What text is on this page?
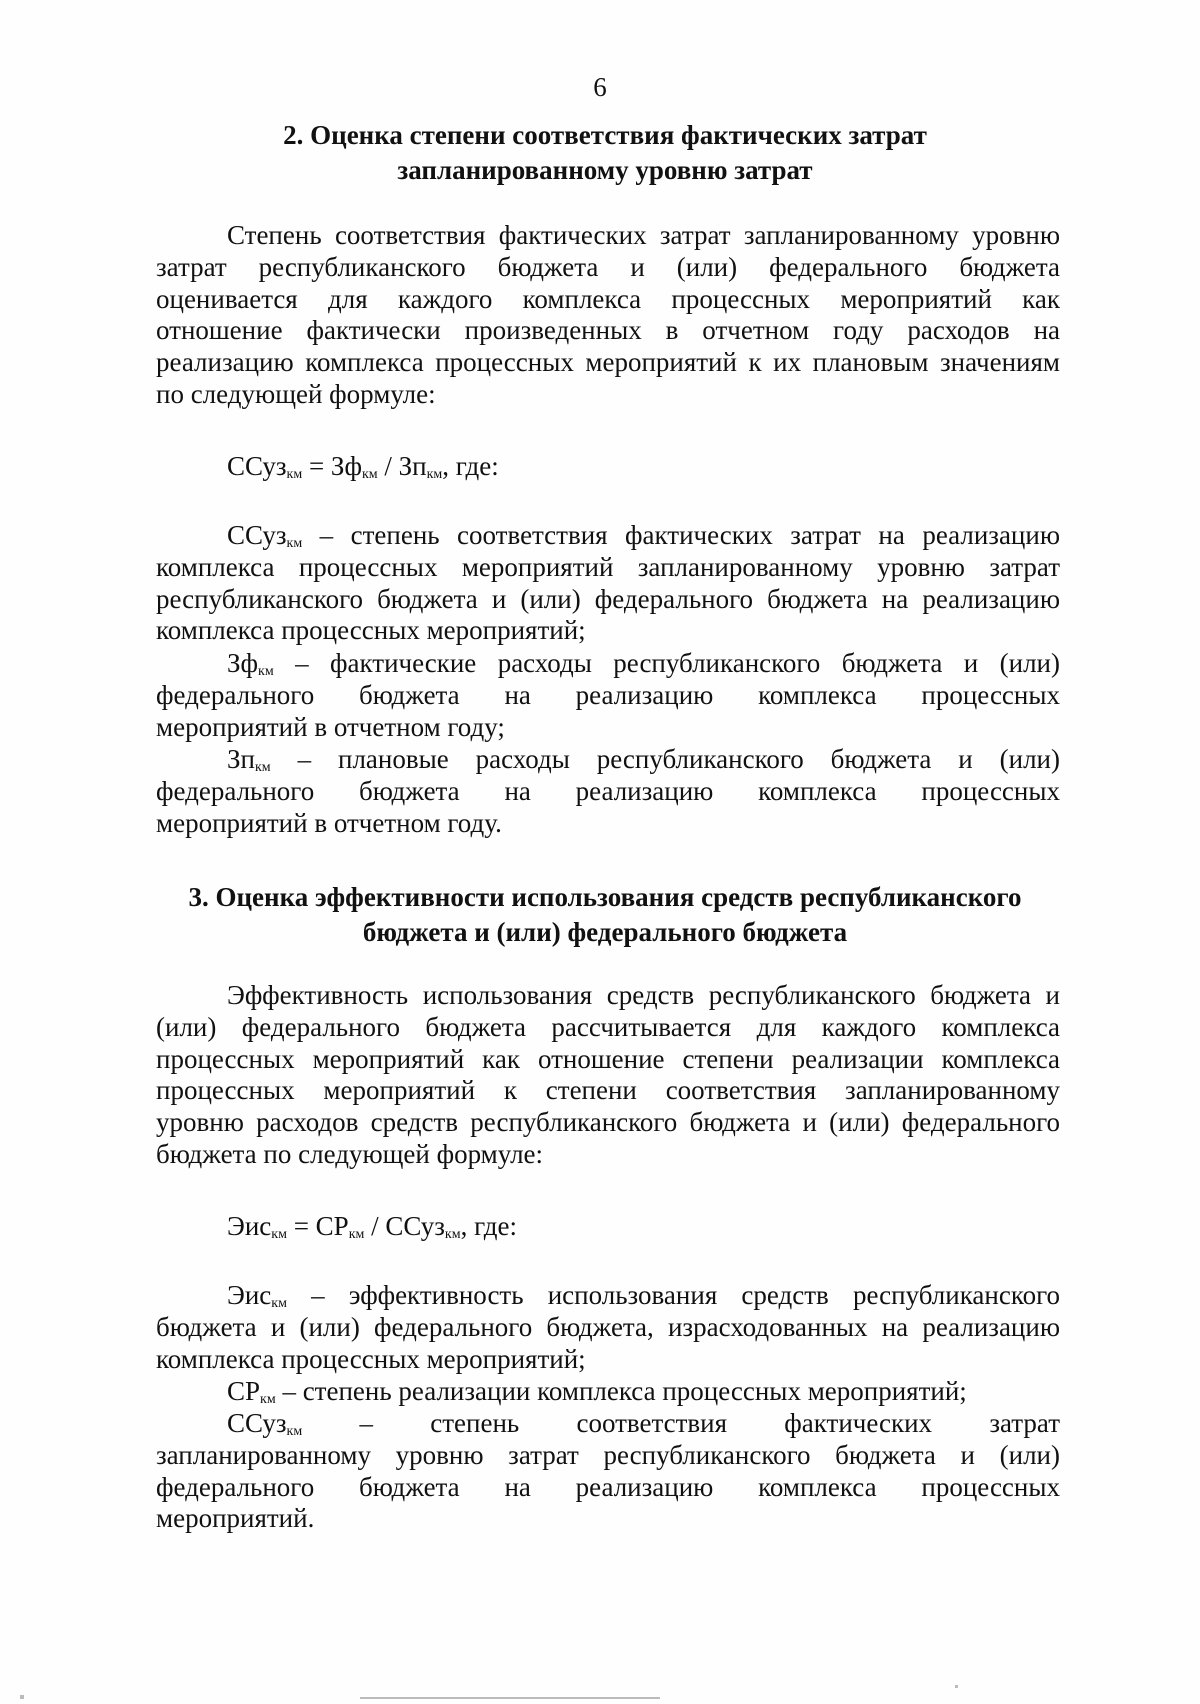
6
2. Оценка степени соответствия фактических затрат
запланированному уровню затрат
Степень соответствия фактических затрат запланированному уровню
затрат республиканского бюджета и (или) федерального бюджета
оценивается для каждого комплекса процессных мероприятий как
отношение фактически произведенных в отчетном году расходов на
реализацию комплекса процессных мероприятий к их плановым значениям
по следующей формуле:
ССуз$_{км}$ = $Зф_{км} / Зп_{км}$, где:
ССуз$_{км}$ – степень соответствия фактических затрат на реализацию
комплекса процессных мероприятий запланированному уровню затрат
республиканского бюджета и (или) федерального бюджета на реализацию
комплекса процессных мероприятий;
$Зф_{км}$ – фактические расходы республиканского бюджета и (или)
федерального бюджета на реализацию комплекса процессных
мероприятий в отчетном году;
$Зп_{км}$ – плановые расходы республиканского бюджета и (или)
федерального бюджета на реализацию комплекса процессных
мероприятий в отчетном году.
3. Оценка эффективности использования средств республиканского
бюджета и (или) федерального бюджета
Эффективность использования средств республиканского бюджета и
(или) федерального бюджета рассчитывается для каждого комплекса
процессных мероприятий как отношение степени реализации комплекса
процессных мероприятий к степени соответствия запланированному
уровню расходов средств республиканского бюджета и (или) федерального
бюджета по следующей формуле:
$Эис_{км} = СР_{км}$ / ССуз$_{км}$, где:
Эис$_{км}$ – эффективность использования средств республиканского
бюджета и (или) федерального бюджета, израсходованных на реализацию
комплекса процессных мероприятий;
$СР_{км}$ – степень реализации комплекса процессных мероприятий;
ССуз$_{км}$ – степень соответствия фактических затрат
запланированному уровню затрат республиканского бюджета и (или)
федерального бюджета на реализацию комплекса процессных
мероприятий.
